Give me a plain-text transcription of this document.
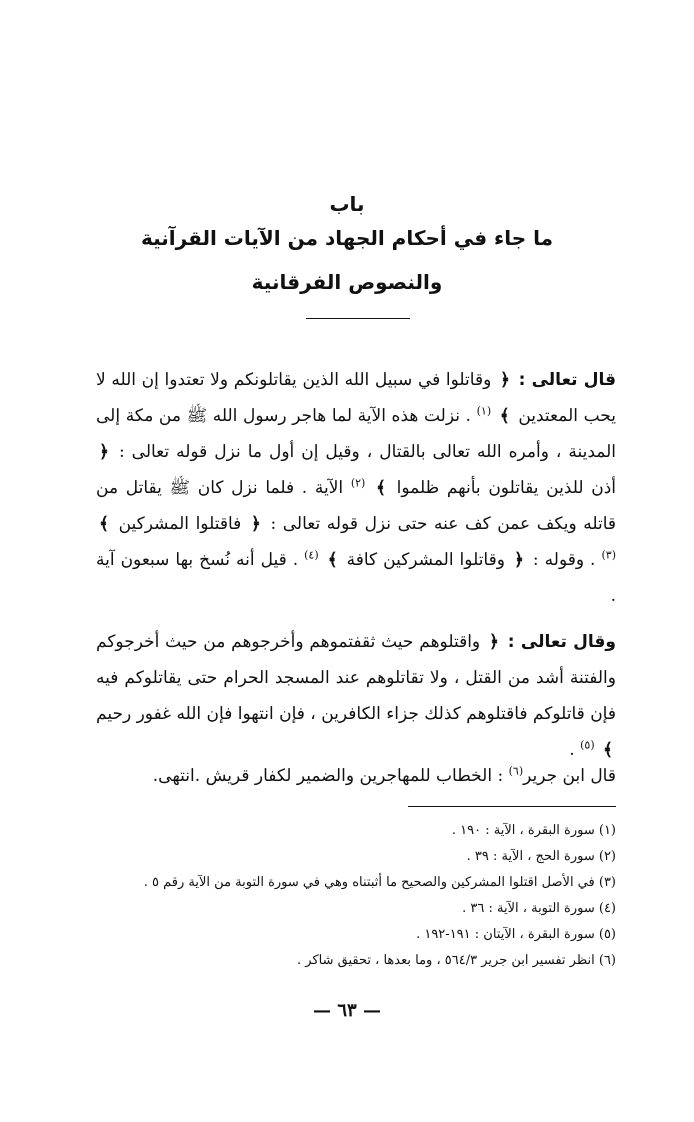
باب
ما جاء في أحكام الجهاد من الآيات القرآنية
والنصوص الفرقانية

قال تعالى : ﴿ وقاتلوا في سبيل الله الذين يقاتلونكم ولا تعتدوا إن الله لا يحب المعتدين ﴾ $^{(١)}$ . نزلت هذه الآية لما هاجر رسول الله ﷺ من مكة إلى المدينة ، وأمره الله تعالى بالقتال ، وقيل إن أول ما نزل قوله تعالى : ﴿ أذن للذين يقاتلون بأنهم ظلموا ﴾ $^{(٢)}$ الآية . فلما نزل كان ﷺ يقاتل من قاتله ويكف عمن كف عنه حتى نزل قوله تعالى : ﴿ فاقتلوا المشركين ﴾ $^{(٣)}$ . وقوله : ﴿ وقاتلوا المشركين كافة ﴾ $^{(٤)}$ . قيل أنه نُسخ بها سبعون آية .

وقال تعالى : ﴿ واقتلوهم حيث ثقفتموهم وأخرجوهم من حيث أخرجوكم والفتنة أشد من القتل ، ولا تقاتلوهم عند المسجد الحرام حتى يقاتلوكم فيه فإن قاتلوكم فاقتلوهم كذلك جزاء الكافرين ، فإن انتهوا فإن الله غفور رحيم ﴾ $^{(٥)}$ .

قال ابن جرير$^{(٦)}$ : الخطاب للمهاجرين والضمير لكفار قريش .انتهى.

(١) سورة البقرة ، الآية : ١٩٠ .
(٢) سورة الحج ، الآية : ٣٩ .
(٣) في الأصل اقتلوا المشركين والصحيح ما أثبتناه وهي في سورة التوبة من الآية رقم ٥ .
(٤) سورة التوبة ، الآية : ٣٦ .
(٥) سورة البقرة ، الآيتان : ١٩١-١٩٢ .
(٦) انظر تفسير ابن جرير ٥٦٤/٣ ، وما بعدها ، تحقيق شاكر .

— ٦٣ —
